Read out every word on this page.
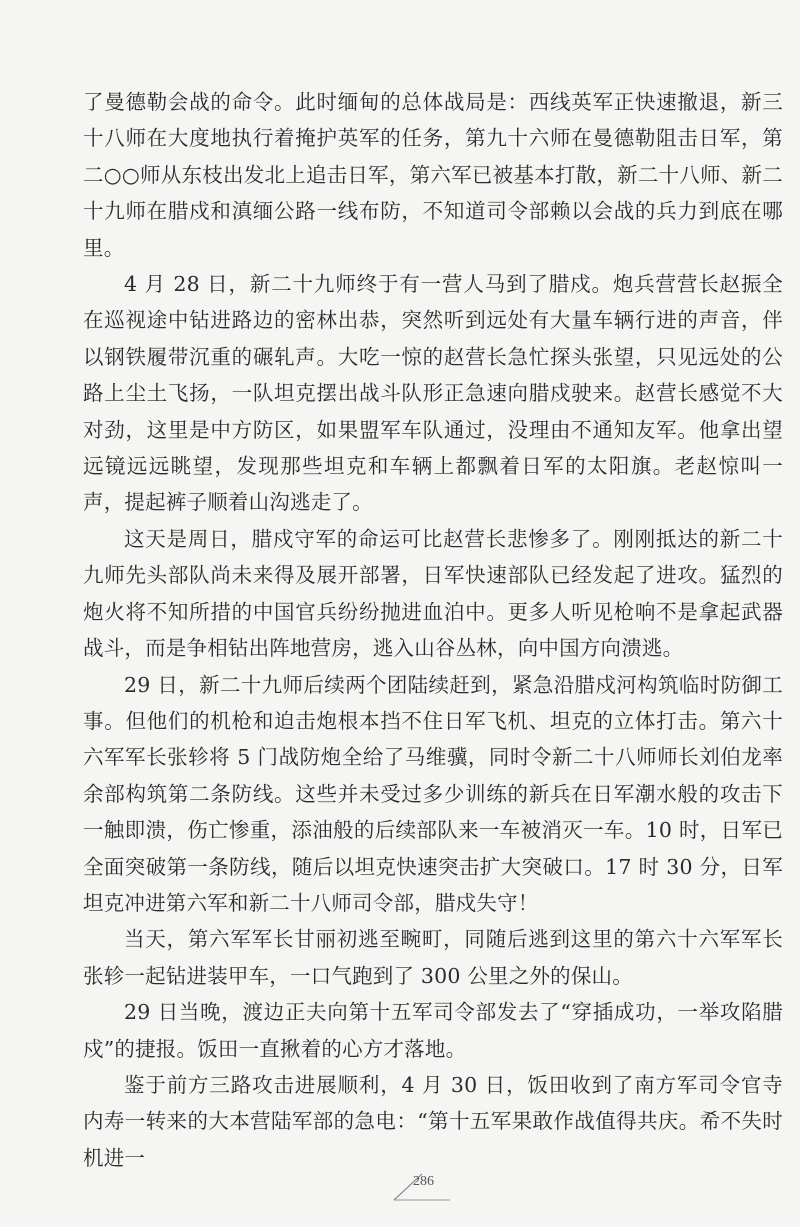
了曼德勒会战的命令。此时缅甸的总体战局是：西线英军正快速撤退，新三十八师在大度地执行着掩护英军的任务，第九十六师在曼德勒阻击日军，第二○○师从东枝出发北上追击日军，第六军已被基本打散，新二十八师、新二十九师在腊戍和滇缅公路一线布防，不知道司令部赖以会战的兵力到底在哪里。

4 月 28 日，新二十九师终于有一营人马到了腊戍。炮兵营营长赵振全在巡视途中钻进路边的密林出恭，突然听到远处有大量车辆行进的声音，伴以钢铁履带沉重的碾轧声。大吃一惊的赵营长急忙探头张望，只见远处的公路上尘土飞扬，一队坦克摆出战斗队形正急速向腊戍驶来。赵营长感觉不大对劲，这里是中方防区，如果盟军车队通过，没理由不通知友军。他拿出望远镜远远眺望，发现那些坦克和车辆上都飘着日军的太阳旗。老赵惊叫一声，提起裤子顺着山沟逃走了。

这天是周日，腊戍守军的命运可比赵营长悲惨多了。刚刚抵达的新二十九师先头部队尚未来得及展开部署，日军快速部队已经发起了进攻。猛烈的炮火将不知所措的中国官兵纷纷抛进血泊中。更多人听见枪响不是拿起武器战斗，而是争相钻出阵地营房，逃入山谷丛林，向中国方向溃逃。

29 日，新二十九师后续两个团陆续赶到，紧急沿腊戍河构筑临时防御工事。但他们的机枪和迫击炮根本挡不住日军飞机、坦克的立体打击。第六十六军军长张轸将 5 门战防炮全给了马维骥，同时令新二十八师师长刘伯龙率余部构筑第二条防线。这些并未受过多少训练的新兵在日军潮水般的攻击下一触即溃，伤亡惨重，添油般的后续部队来一车被消灭一车。10 时，日军已全面突破第一条防线，随后以坦克快速突击扩大突破口。17 时 30 分，日军坦克冲进第六军和新二十八师司令部，腊戍失守！

当天，第六军军长甘丽初逃至畹町，同随后逃到这里的第六十六军军长张轸一起钻进装甲车，一口气跑到了 300 公里之外的保山。

29 日当晚，渡边正夫向第十五军司令部发去了“穿插成功，一举攻陷腊戍”的捷报。饭田一直揪着的心方才落地。

鉴于前方三路攻击进展顺利，4 月 30 日，饭田收到了南方军司令官寺内寿一转来的大本营陆军部的急电：“第十五军果敢作战值得共庆。希不失时机进一

286
